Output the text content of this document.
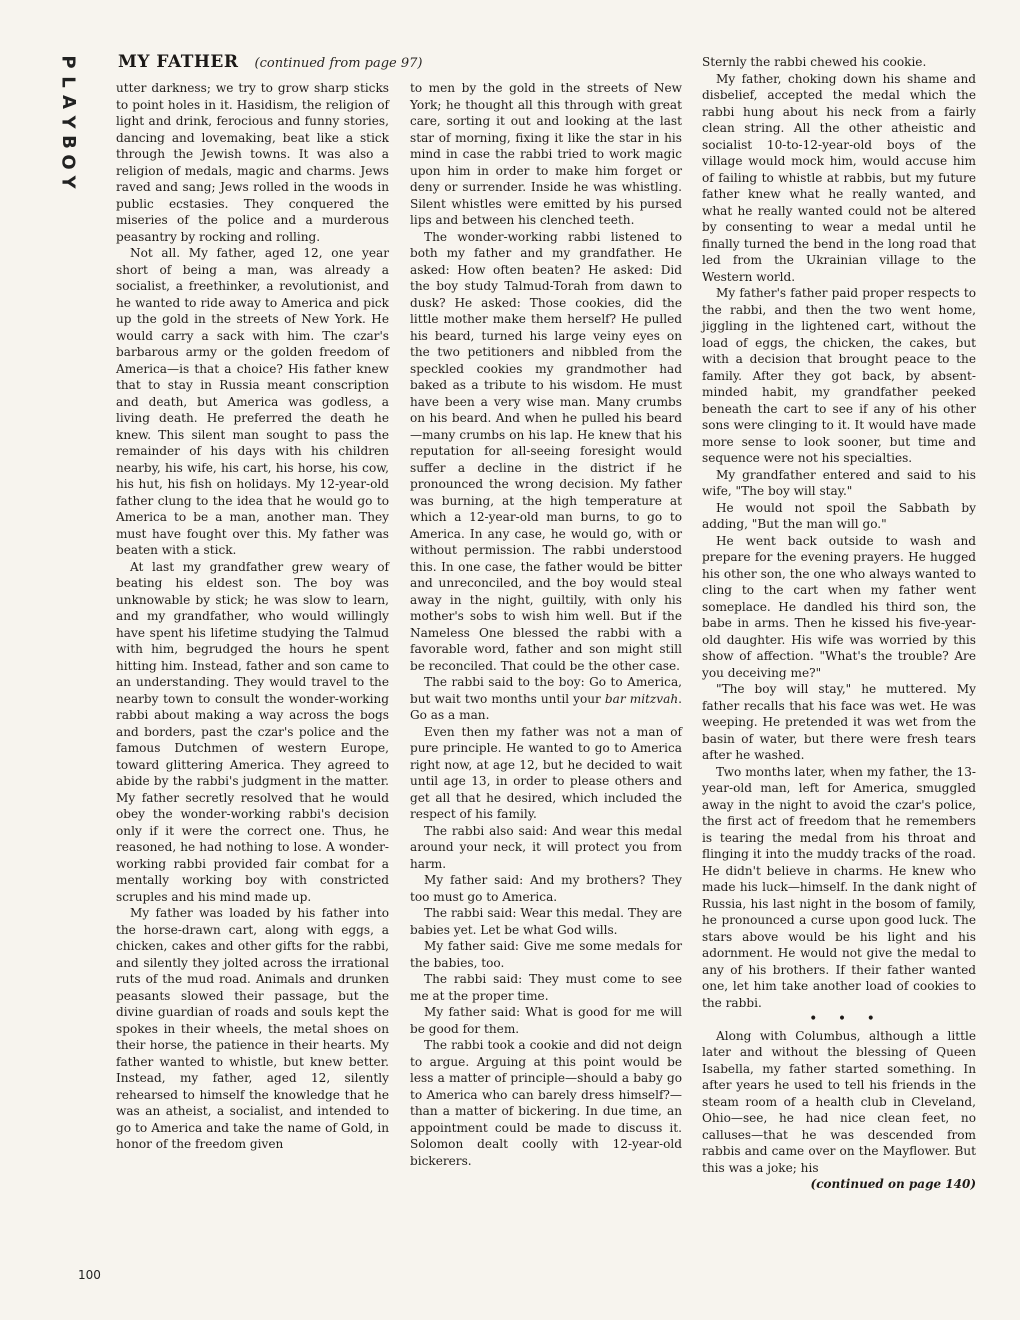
P
L
A
Y
B
O
Y
MY FATHER (continued from page 97)

utter darkness; we try to grow sharp sticks to point holes in it. Hasidism, the religion of light and drink, ferocious and funny stories, dancing and lovemaking, beat like a stick through the Jewish towns. It was also a religion of medals, magic and charms. Jews raved and sang; Jews rolled in the woods in public ecstasies. They conquered the miseries of the police and a murderous peasantry by rocking and rolling.

Not all. My father, aged 12, one year short of being a man, was already a socialist, a freethinker, a revolutionist, and he wanted to ride away to America and pick up the gold in the streets of New York. He would carry a sack with him. The czar's barbarous army or the golden freedom of America—is that a choice? His father knew that to stay in Russia meant conscription and death, but America was godless, a living death. He preferred the death he knew. This silent man sought to pass the remainder of his days with his children nearby, his wife, his cart, his horse, his cow, his hut, his fish on holidays. My 12-year-old father clung to the idea that he would go to America to be a man, another man. They must have fought over this. My father was beaten with a stick.

At last my grandfather grew weary of beating his eldest son. The boy was unknowable by stick; he was slow to learn, and my grandfather, who would willingly have spent his lifetime studying the Talmud with him, begrudged the hours he spent hitting him. Instead, father and son came to an understanding. They would travel to the nearby town to consult the wonder-working rabbi about making a way across the bogs and borders, past the czar's police and the famous Dutchmen of western Europe, toward glittering America. They agreed to abide by the rabbi's judgment in the matter. My father secretly resolved that he would obey the wonder-working rabbi's decision only if it were the correct one. Thus, he reasoned, he had nothing to lose. A wonder-working rabbi provided fair combat for a mentally working boy with constricted scruples and his mind made up.

My father was loaded by his father into the horse-drawn cart, along with eggs, a chicken, cakes and other gifts for the rabbi, and silently they jolted across the irrational ruts of the mud road. Animals and drunken peasants slowed their passage, but the divine guardian of roads and souls kept the spokes in their wheels, the metal shoes on their horse, the patience in their hearts. My father wanted to whistle, but knew better. Instead, my father, aged 12, silently rehearsed to himself the knowledge that he was an atheist, a socialist, and intended to go to America and take the name of Gold, in honor of the freedom given

to men by the gold in the streets of New York; he thought all this through with great care, sorting it out and looking at the last star of morning, fixing it like the star in his mind in case the rabbi tried to work magic upon him in order to make him forget or deny or surrender. Inside he was whistling. Silent whistles were emitted by his pursed lips and between his clenched teeth.

The wonder-working rabbi listened to both my father and my grandfather. He asked: How often beaten? He asked: Did the boy study Talmud-Torah from dawn to dusk? He asked: Those cookies, did the little mother make them herself? He pulled his beard, turned his large veiny eyes on the two petitioners and nibbled from the speckled cookies my grandmother had baked as a tribute to his wisdom. He must have been a very wise man. Many crumbs on his beard. And when he pulled his beard—many crumbs on his lap. He knew that his reputation for all-seeing foresight would suffer a decline in the district if he pronounced the wrong decision. My father was burning, at the high temperature at which a 12-year-old man burns, to go to America. In any case, he would go, with or without permission. The rabbi understood this. In one case, the father would be bitter and unreconciled, and the boy would steal away in the night, guiltily, with only his mother's sobs to wish him well. But if the Nameless One blessed the rabbi with a favorable word, father and son might still be reconciled. That could be the other case.

The rabbi said to the boy: Go to America, but wait two months until your bar mitzvah. Go as a man.

Even then my father was not a man of pure principle. He wanted to go to America right now, at age 12, but he decided to wait until age 13, in order to please others and get all that he desired, which included the respect of his family.

The rabbi also said: And wear this medal around your neck, it will protect you from harm.

My father said: And my brothers? They too must go to America.

The rabbi said: Wear this medal. They are babies yet. Let be what God wills.

My father said: Give me some medals for the babies, too.

The rabbi said: They must come to see me at the proper time.

My father said: What is good for me will be good for them.

The rabbi took a cookie and did not deign to argue. Arguing at this point would be less a matter of principle—should a baby go to America who can barely dress himself?—than a matter of bickering. In due time, an appointment could be made to discuss it. Solomon dealt coolly with 12-year-old bickerers.

Sternly the rabbi chewed his cookie.

My father, choking down his shame and disbelief, accepted the medal which the rabbi hung about his neck from a fairly clean string. All the other atheistic and socialist 10-to-12-year-old boys of the village would mock him, would accuse him of failing to whistle at rabbis, but my future father knew what he really wanted, and what he really wanted could not be altered by consenting to wear a medal until he finally turned the bend in the long road that led from the Ukrainian village to the Western world.

My father's father paid proper respects to the rabbi, and then the two went home, jiggling in the lightened cart, without the load of eggs, the chicken, the cakes, but with a decision that brought peace to the family. After they got back, by absent-minded habit, my grandfather peeked beneath the cart to see if any of his other sons were clinging to it. It would have made more sense to look sooner, but time and sequence were not his specialties.

My grandfather entered and said to his wife, "The boy will stay."

He would not spoil the Sabbath by adding, "But the man will go."

He went back outside to wash and prepare for the evening prayers. He hugged his other son, the one who always wanted to cling to the cart when my father went someplace. He dandled his third son, the babe in arms. Then he kissed his five-year-old daughter. His wife was worried by this show of affection. "What's the trouble? Are you deceiving me?"

"The boy will stay," he muttered. My father recalls that his face was wet. He was weeping. He pretended it was wet from the basin of water, but there were fresh tears after he washed.

Two months later, when my father, the 13-year-old man, left for America, smuggled away in the night to avoid the czar's police, the first act of freedom that he remembers is tearing the medal from his throat and flinging it into the muddy tracks of the road. He didn't believe in charms. He knew who made his luck—himself. In the dank night of Russia, his last night in the bosom of family, he pronounced a curse upon good luck. The stars above would be his light and his adornment. He would not give the medal to any of his brothers. If their father wanted one, let him take another load of cookies to the rabbi.

• • •

Along with Columbus, although a little later and without the blessing of Queen Isabella, my father started something. In after years he used to tell his friends in the steam room of a health club in Cleveland, Ohio—see, he had nice clean feet, no calluses—that he was descended from rabbis and came over on the Mayflower. But this was a joke; his

(continued on page 140)

100
